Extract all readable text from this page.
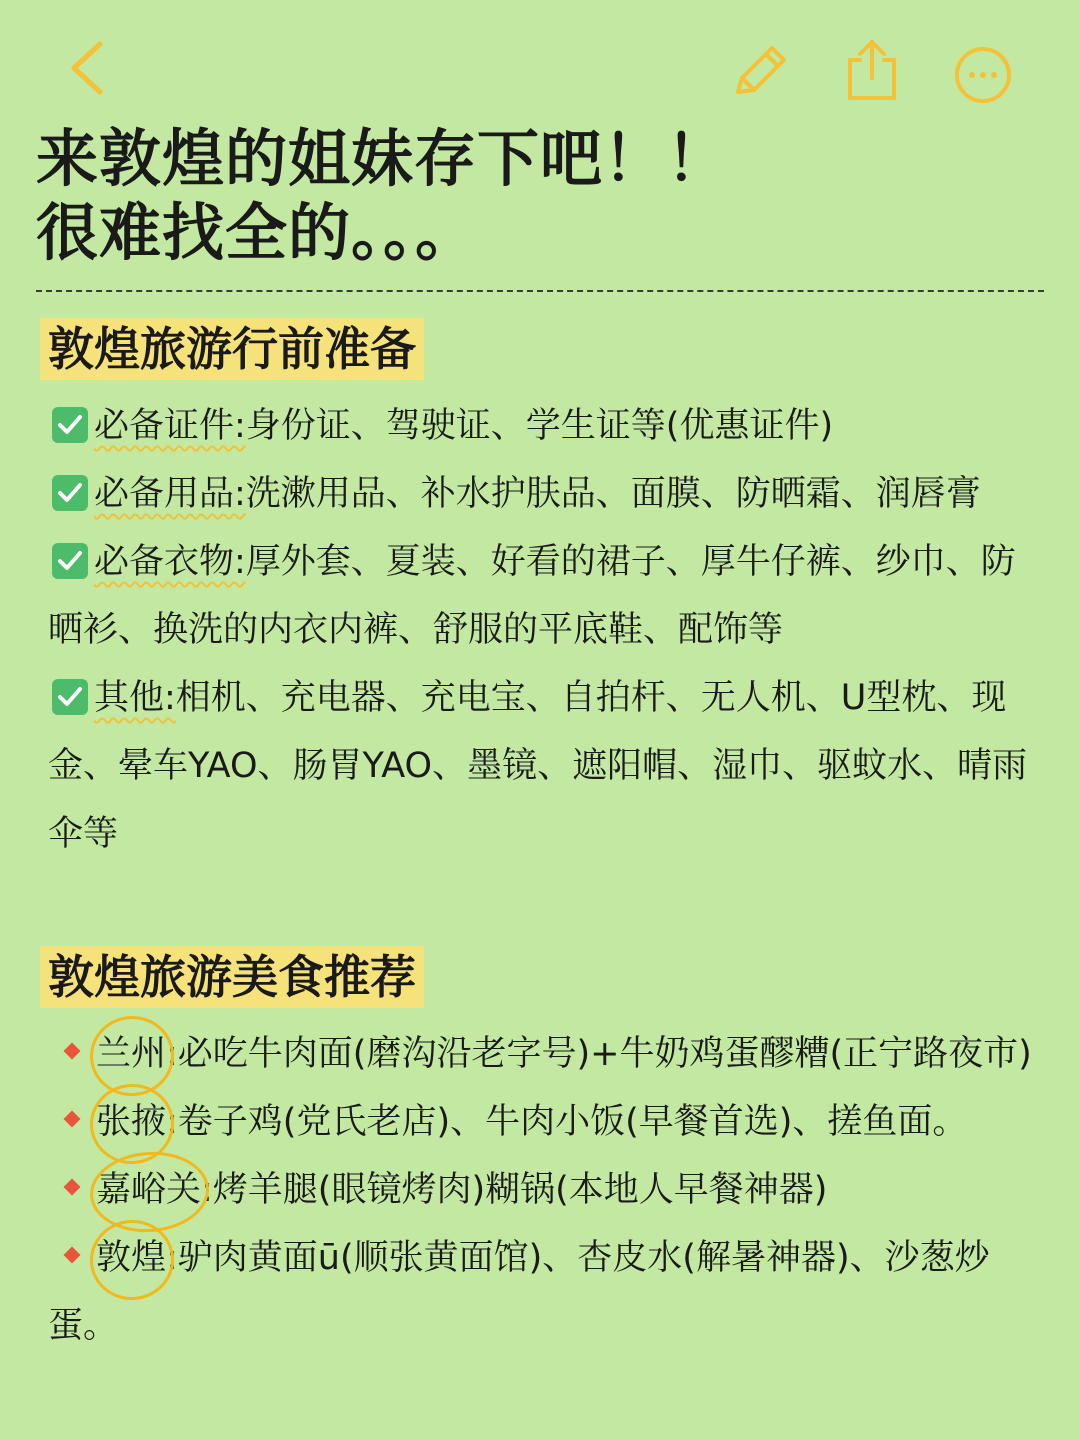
来敦煌的姐妹存下吧！！
很难找全的。。。
敦煌旅游行前准备
必备证件:身份证、驾驶证、学生证等(优惠证件)
必备用品:洗漱用品、补水护肤品、面膜、防晒霜、润唇膏
必备衣物:厚外套、夏装、好看的裙子、厚牛仔裤、纱巾、防晒衫、换洗的内衣内裤、舒服的平底鞋、配饰等
其他:相机、充电器、充电宝、自拍杆、无人机、U型枕、现金、晕车YAO、肠胃YAO、墨镜、遮阳帽、湿巾、驱蚊水、晴雨伞等
敦煌旅游美食推荐
兰州:必吃牛肉面(磨沟沿老字号)+牛奶鸡蛋醪糟(正宁路夜市)
张掖:卷子鸡(党氏老店)、牛肉小饭(早餐首选)、搓鱼面。
嘉峪关:烤羊腿(眼镜烤肉)糊锅(本地人早餐神器)
敦煌:驴肉黄面ū(顺张黄面馆)、杏皮水(解暑神器)、沙葱炒蛋。
